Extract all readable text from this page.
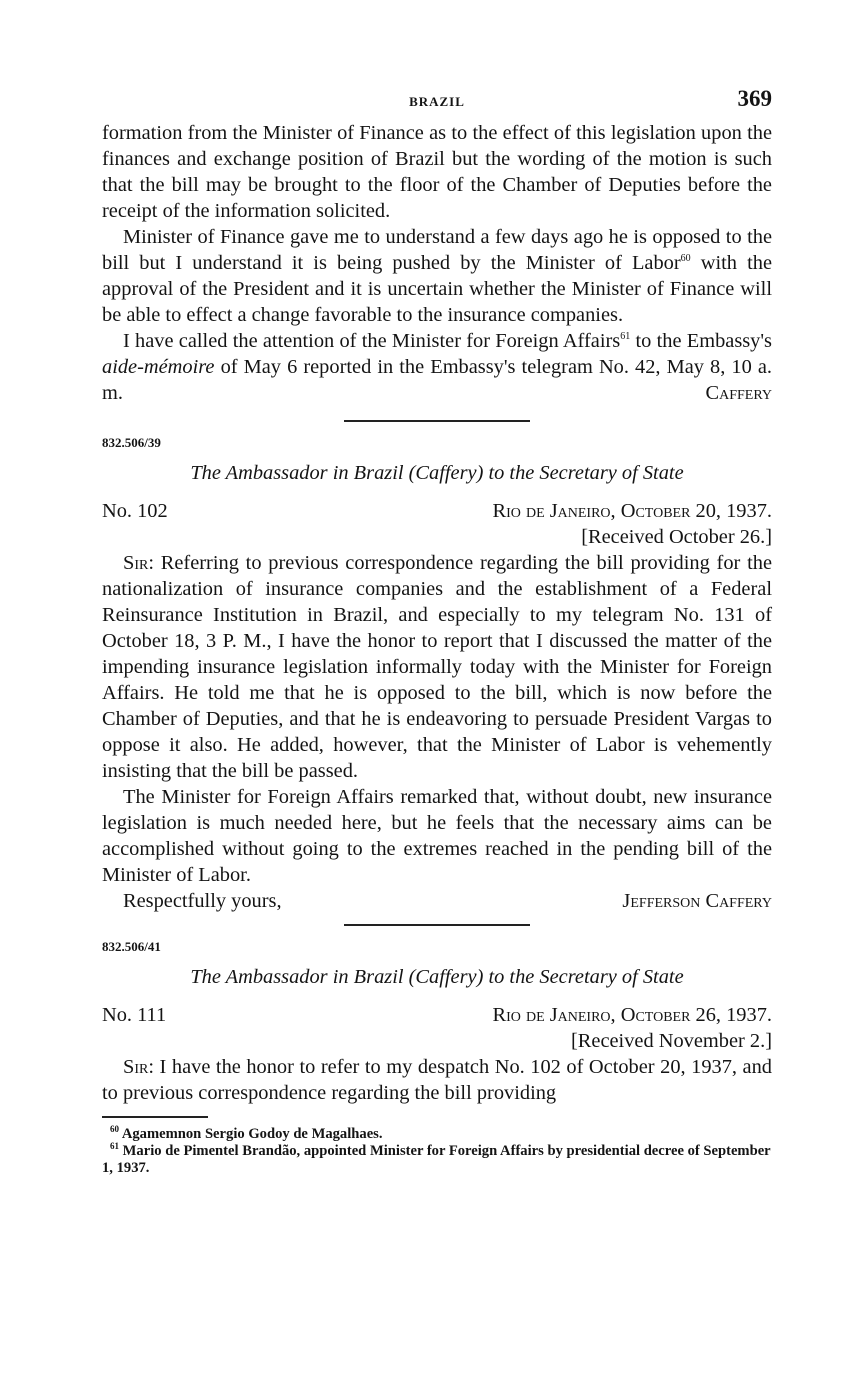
BRAZIL	369

formation from the Minister of Finance as to the effect of this legislation upon the finances and exchange position of Brazil but the wording of the motion is such that the bill may be brought to the floor of the Chamber of Deputies before the receipt of the information solicited.

Minister of Finance gave me to understand a few days ago he is opposed to the bill but I understand it is being pushed by the Minister of Labor$^{60}$ with the approval of the President and it is uncertain whether the Minister of Finance will be able to effect a change favorable to the insurance companies.

I have called the attention of the Minister for Foreign Affairs$^{61}$ to the Embassy's aide-mémoire of May 6 reported in the Embassy's telegram No. 42, May 8, 10 a. m.	Caffery

832.506/39
The Ambassador in Brazil (Caffery) to the Secretary of State
No. 102	Rio de Janeiro, October 20, 1937.
[Received October 26.]

Sir: Referring to previous correspondence regarding the bill providing for the nationalization of insurance companies and the establishment of a Federal Reinsurance Institution in Brazil, and especially to my telegram No. 131 of October 18, 3 P. M., I have the honor to report that I discussed the matter of the impending insurance legislation informally today with the Minister for Foreign Affairs. He told me that he is opposed to the bill, which is now before the Chamber of Deputies, and that he is endeavoring to persuade President Vargas to oppose it also. He added, however, that the Minister of Labor is vehemently insisting that the bill be passed.

The Minister for Foreign Affairs remarked that, without doubt, new insurance legislation is much needed here, but he feels that the necessary aims can be accomplished without going to the extremes reached in the pending bill of the Minister of Labor.

Respectfully yours,	Jefferson Caffery
832.506/41
The Ambassador in Brazil (Caffery) to the Secretary of State
No. 111	Rio de Janeiro, October 26, 1937.
[Received November 2.]

Sir: I have the honor to refer to my despatch No. 102 of October 20, 1937, and to previous correspondence regarding the bill providing

$^{60}$ Agamemnon Sergio Godoy de Magalhaes.

$^{61}$ Mario de Pimentel Brandão, appointed Minister for Foreign Affairs by presidential decree of September 1, 1937.
